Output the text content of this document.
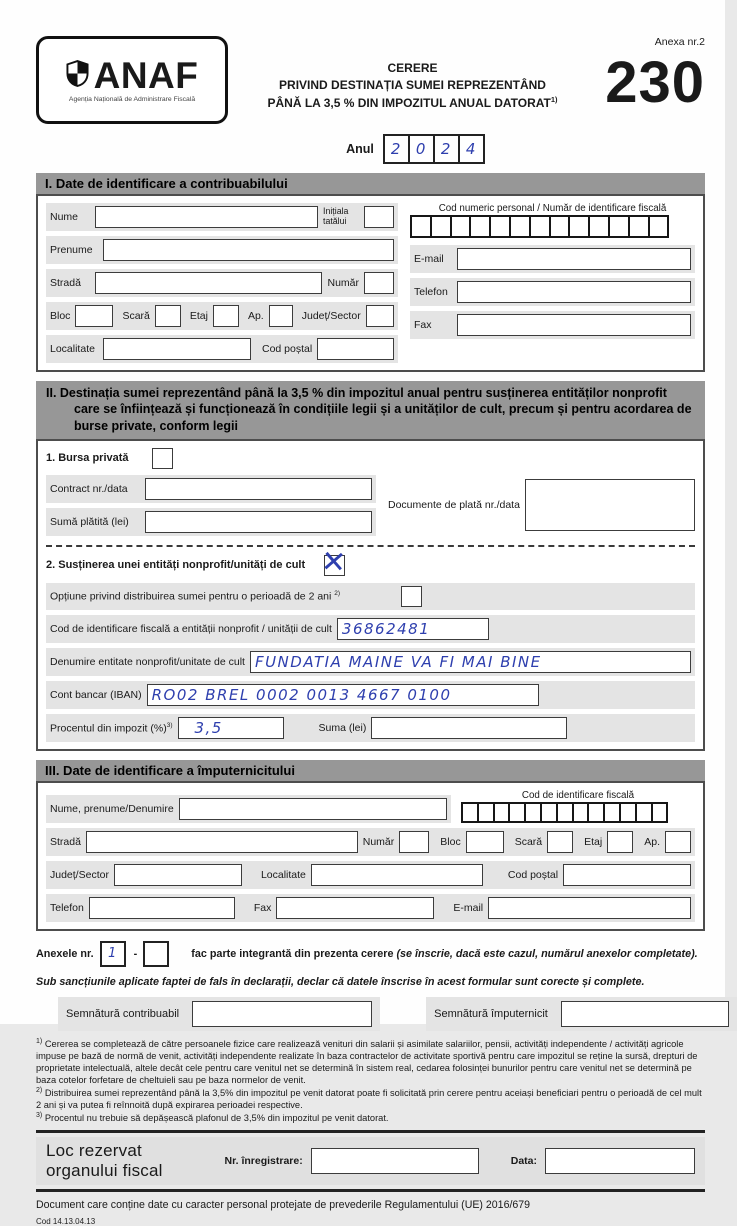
ANAF
Agenția Națională de Administrare Fiscală
CERERE
PRIVIND DESTINAȚIA SUMEI REPREZENTÂND
PÂNĂ LA 3,5 % DIN IMPOZITUL ANUAL DATORAT$^{1)}$
Anexa nr.2
230
Anul 2 0 2 4
I. Date de identificare a contribuabilului
Nume	Inițiala tatălui
Prenume
Stradă	Număr
Bloc	Scară	Etaj	Ap.	Județ/Sector
Localitate	Cod poștal
Cod numeric personal / Număr de identificare fiscală
E-mail
Telefon
Fax
II. Destinația sumei reprezentând până la 3,5 % din impozitul anual pentru susținerea entităților nonprofit care se înființează și funcționează în condițiile legii și a unităților de cult, precum și pentru acordarea de burse private, conform legii
1. Bursa privată
Contract nr./data
Sumă plătită (lei)
Documente de plată nr./data
2. Susținerea unei entități nonprofit/unități de cult ✕
Opțiune privind distribuirea sumei pentru o perioadă de 2 ani $^{2)}$
Cod de identificare fiscală a entității nonprofit / unității de cult 36862481
Denumire entitate nonprofit/unitate de cult FUNDATIA MAINE VA FI MAI BINE
Cont bancar (IBAN) RO02 BREL 0002 0013 4667 0100
Procentul din impozit (%)$^{3)}$ 3,5	Suma (lei)
III. Date de identificare a împuternicitului
Nume, prenume/Denumire
Cod de identificare fiscală
Stradă	Număr	Bloc	Scară	Etaj	Ap.
Județ/Sector	Localitate	Cod poștal
Telefon	Fax	E-mail
Anexele nr. 1 -	fac parte integrantă din prezenta cerere (se înscrie, dacă este cazul, numărul anexelor completate).
Sub sancțiunile aplicate faptei de fals în declarații, declar că datele înscrise în acest formular sunt corecte și complete.
Semnătură contribuabil	Semnătură împuternicit
$^{1)}$ Cererea se completează de către persoanele fizice care realizează venituri din salarii și asimilate salariilor, pensii, activități independente / activități agricole impuse pe bază de normă de venit, activități independente realizate în baza contractelor de activitate sportivă pentru care impozitul se reține la sursă, drepturi de proprietate intelectuală, altele decât cele pentru care venitul net se determină în sistem real, cedarea folosinței bunurilor pentru care venitul net se determină pe baza cotelor forfetare de cheltuieli sau pe baza normelor de venit.
$^{2)}$ Distribuirea sumei reprezentând până la 3,5% din impozitul pe venit datorat poate fi solicitată prin cerere pentru aceiași beneficiari pentru o perioadă de cel mult 2 ani și va putea fi reînnoită după expirarea perioadei respective.
$^{3)}$ Procentul nu trebuie să depășească plafonul de 3,5% din impozitul pe venit datorat.
Loc rezervat organului fiscal	Nr. înregistrare:	Data:
Document care conține date cu caracter personal protejate de prevederile Regulamentului (UE) 2016/679
Cod 14.13.04.13
